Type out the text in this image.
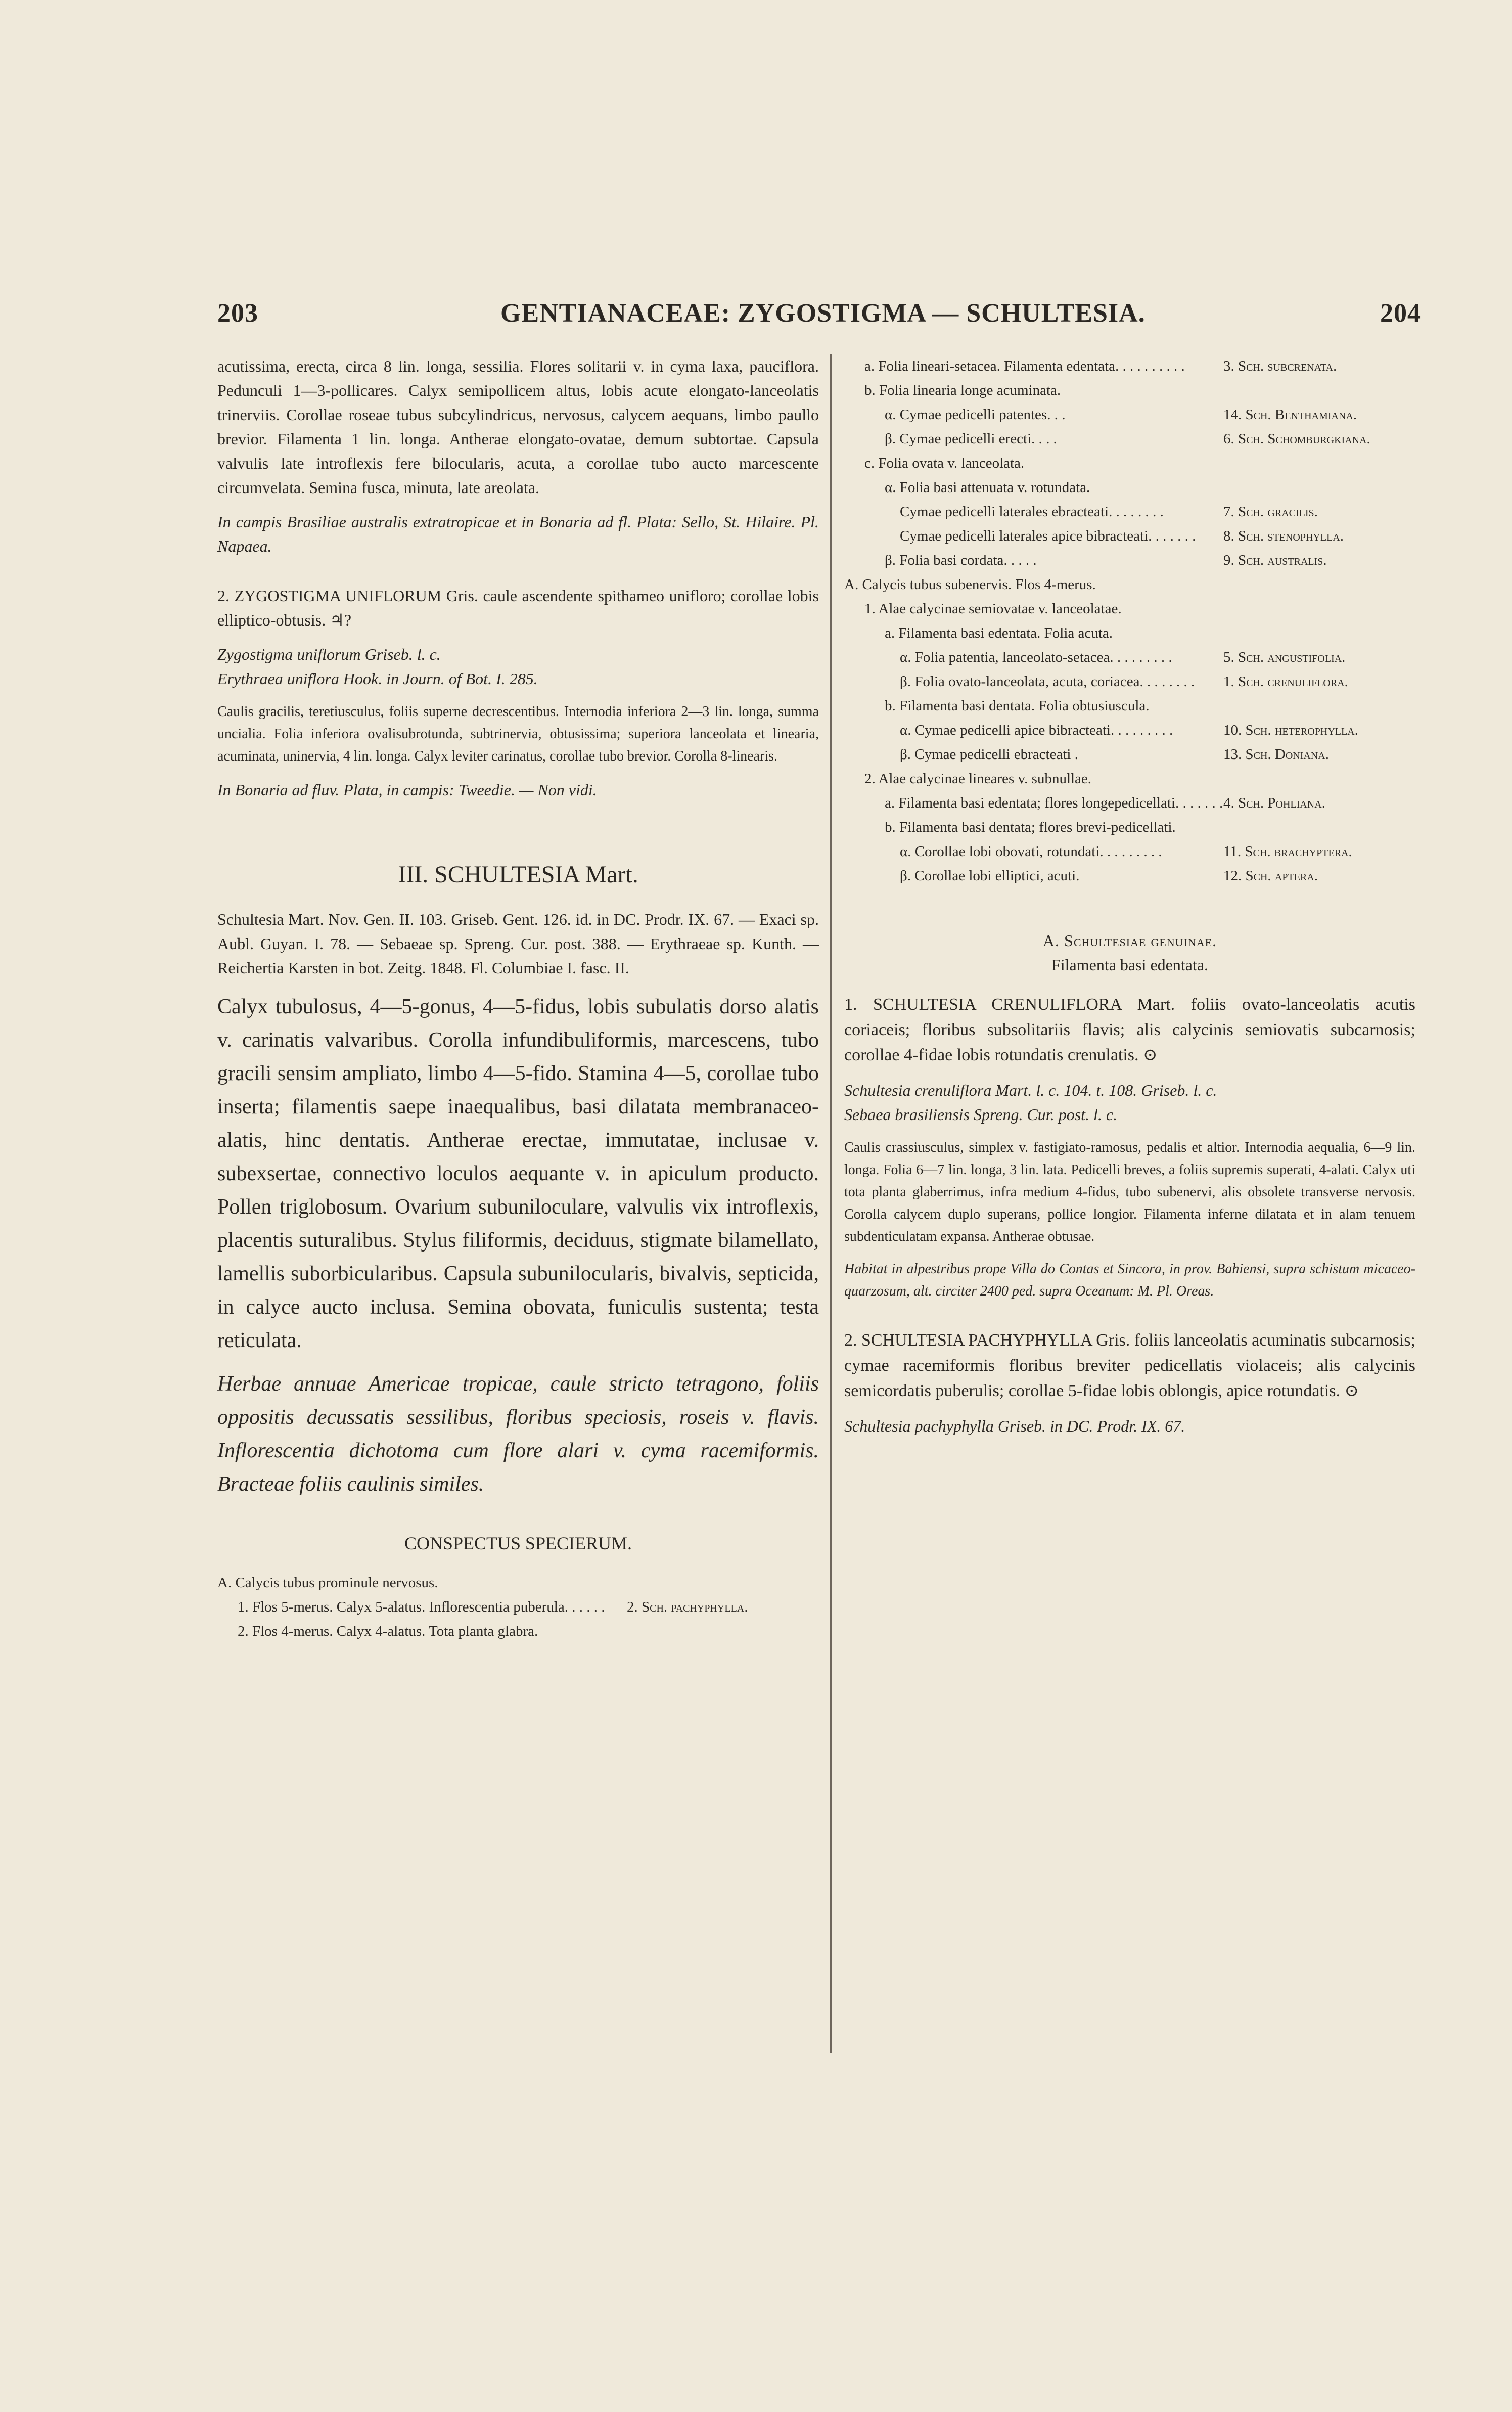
203	GENTIANACEAE: ZYGOSTIGMA — SCHULTESIA.	204

acutissima, erecta, circa 8 lin. longa, sessilia. Flores solitarii v. in cyma laxa, pauciflora. Pedunculi 1—3-pollicares. Calyx semipollicem altus, lobis acute elongato-lanceolatis trinerviis. Corollae roseae tubus subcylindricus, nervosus, calycem aequans, limbo paullo brevior. Filamenta 1 lin. longa. Antherae elongato-ovatae, demum subtortae. Capsula valvulis late introflexis fere bilocularis, acuta, a corollae tubo aucto marcescente circumvelata. Semina fusca, minuta, late areolata.

In campis Brasiliae australis extratropicae et in Bonaria ad fl. Plata: Sello, St. Hilaire. Pl. Napaea.

2. ZYGOSTIGMA UNIFLORUM Gris. caule ascendente spithameo unifloro; corollae lobis elliptico-obtusis. ♃?

Zygostigma uniflorum Griseb. l. c.

Erythraea uniflora Hook. in Journ. of Bot. I. 285.

Caulis gracilis, teretiusculus, foliis superne decrescentibus. Internodia inferiora 2—3 lin. longa, summa uncialia. Folia inferiora ovalisubrotunda, subtrinervia, obtusissima; superiora lanceolata et linearia, acuminata, uninervia, 4 lin. longa. Calyx leviter carinatus, corollae tubo brevior. Corolla 8-linearis.

In Bonaria ad fluv. Plata, in campis: Tweedie. — Non vidi.

III. SCHULTESIA Mart.

Schultesia Mart. Nov. Gen. II. 103. Griseb. Gent. 126. id. in DC. Prodr. IX. 67. — Exaci sp. Aubl. Guyan. I. 78. — Sebaeae sp. Spreng. Cur. post. 388. — Erythraeae sp. Kunth. — Reichertia Karsten in bot. Zeitg. 1848. Fl. Columbiae I. fasc. II.

Calyx tubulosus, 4—5-gonus, 4—5-fidus, lobis subulatis dorso alatis v. carinatis valvaribus. Corolla infundibuliformis, marcescens, tubo gracili sensim ampliato, limbo 4—5-fido. Stamina 4—5, corollae tubo inserta; filamentis saepe inaequalibus, basi dilatata membranaceo-alatis, hinc dentatis. Antherae erectae, immutatae, inclusae v. subexsertae, connectivo loculos aequante v. in apiculum producto. Pollen triglobosum. Ovarium subuniloculare, valvulis vix introflexis, placentis suturalibus. Stylus filiformis, deciduus, stigmate bilamellato, lamellis suborbicularibus. Capsula subunilocularis, bivalvis, septicida, in calyce aucto inclusa. Semina obovata, funiculis sustenta; testa reticulata.

Herbae annuae Americae tropicae, caule stricto tetragono, foliis oppositis decussatis sessilibus, floribus speciosis, roseis v. flavis. Inflorescentia dichotoma cum flore alari v. cyma racemiformis. Bracteae foliis caulinis similes.

CONSPECTUS SPECIERUM.
A. Calycis tubus prominule nervosus.
1. Flos 5-merus. Calyx 5-alatus. Inflorescentia puberula. . . . . .	2. Sch. pachyphylla.
2. Flos 4-merus. Calyx 4-alatus. Tota planta glabra.
a. Folia lineari-setacea. Filamenta edentata. . . . . . . . . .	3. Sch. subcrenata.
b. Folia linearia longe acuminata.
α. Cymae pedicelli patentes. . .	14. Sch. Benthamiana.
β. Cymae pedicelli erecti. . . .	6. Sch. Schomburgkiana.
c. Folia ovata v. lanceolata.
α. Folia basi attenuata v. rotundata.
Cymae pedicelli laterales ebracteati. . . . . . . .	7. Sch. gracilis.
Cymae pedicelli laterales apice bibracteati. . . . . . .	8. Sch. stenophylla.
β. Folia basi cordata. . . . .	9. Sch. australis.
A. Calycis tubus subenervis. Flos 4-merus.
1. Alae calycinae semiovatae v. lanceolatae.
a. Filamenta basi edentata. Folia acuta.
α. Folia patentia, lanceolato-setacea. . . . . . . . .	5. Sch. angustifolia.
β. Folia ovato-lanceolata, acuta, coriacea. . . . . . . .	1. Sch. crenuliflora.
b. Filamenta basi dentata. Folia obtusiuscula.
α. Cymae pedicelli apice bibracteati. . . . . . . . .	10. Sch. heterophylla.
β. Cymae pedicelli ebracteati .	13. Sch. Doniana.
2. Alae calycinae lineares v. subnullae.
a. Filamenta basi edentata; flores longepedicellati. . . . . . . 4. Sch. Pohliana.
b. Filamenta basi dentata; flores brevi-pedicellati.
α. Corollae lobi obovati, rotundati. . . . . . . . .	11. Sch. brachyptera.
β. Corollae lobi elliptici, acuti.	12. Sch. aptera.
A. Schultesiae genuinae.
Filamenta basi edentata.

1. SCHULTESIA CRENULIFLORA Mart. foliis ovato-lanceolatis acutis coriaceis; floribus subsolitariis flavis; alis calycinis semiovatis subcarnosis; corollae 4-fidae lobis rotundatis crenulatis. ⊙

Schultesia crenuliflora Mart. l. c. 104. t. 108. Griseb. l. c.

Sebaea brasiliensis Spreng. Cur. post. l. c.

Caulis crassiusculus, simplex v. fastigiato-ramosus, pedalis et altior. Internodia aequalia, 6—9 lin. longa. Folia 6—7 lin. longa, 3 lin. lata. Pedicelli breves, a foliis supremis superati, 4-alati. Calyx uti tota planta glaberrimus, infra medium 4-fidus, tubo subenervi, alis obsolete transverse nervosis. Corolla calycem duplo superans, pollice longior. Filamenta inferne dilatata et in alam tenuem subdenticulatam expansa. Antherae obtusae.

Habitat in alpestribus prope Villa do Contas et Sincora, in prov. Bahiensi, supra schistum micaceo-quarzosum, alt. circiter 2400 ped. supra Oceanum: M. Pl. Oreas.

2. SCHULTESIA PACHYPHYLLA Gris. foliis lanceolatis acuminatis subcarnosis; cymae racemiformis floribus breviter pedicellatis violaceis; alis calycinis semicordatis puberulis; corollae 5-fidae lobis oblongis, apice rotundatis. ⊙

Schultesia pachyphylla Griseb. in DC. Prodr. IX. 67.
